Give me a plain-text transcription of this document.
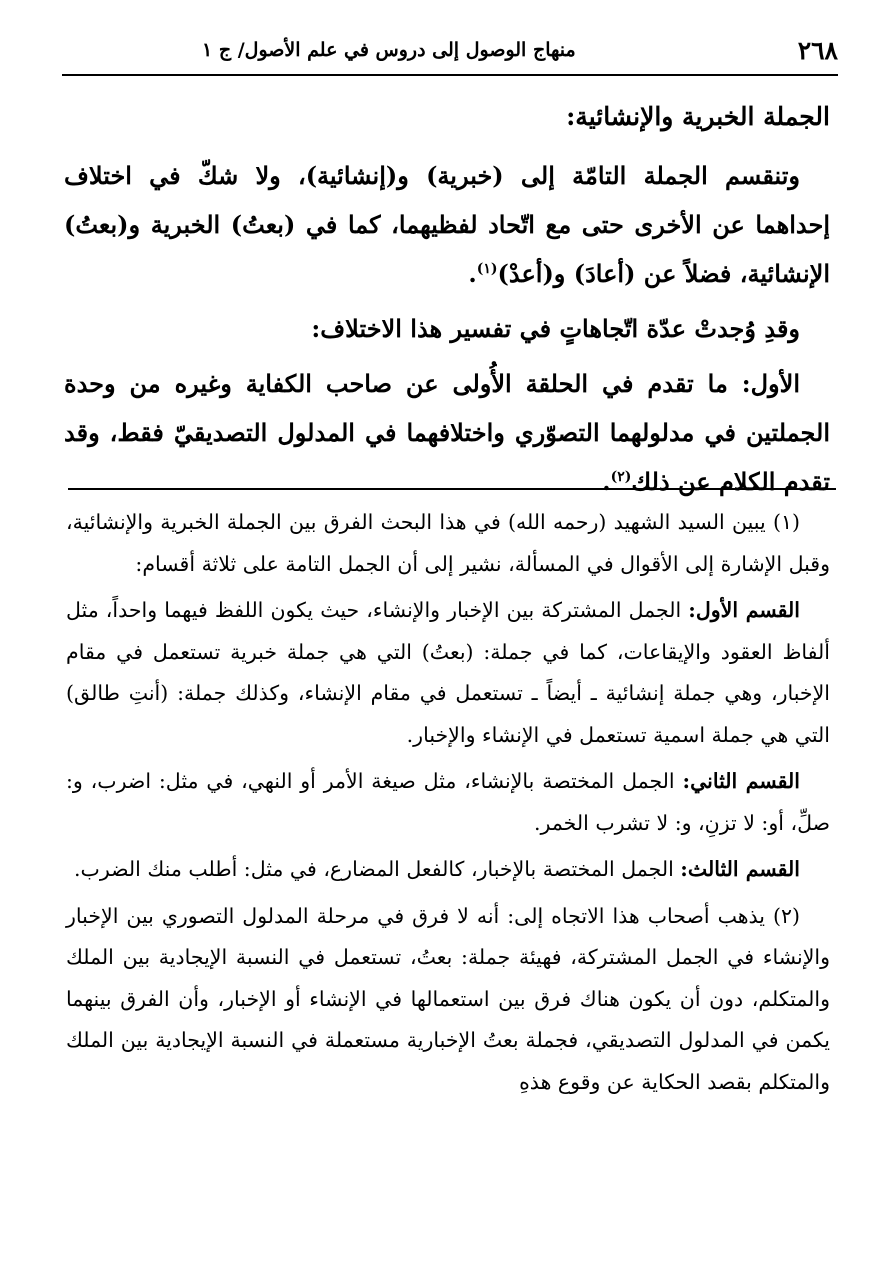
٢٦٨
منهاج الوصول إلى دروس في علم الأصول/ ج ١

الجملة الخبرية والإنشائية:

وتنقسم الجملة التامّة إلى (خبرية) و(إنشائية)، ولا شكّ في اختلاف إحداهما عن الأخرى حتى مع اتّحاد لفظيهما، كما في (بعتُ) الخبرية و(بعتُ) الإنشائية، فضلاً عن (أعادَ) و(أعدْ)$^{(١)}$.

وقدِ وُجدتْ عدّة اتّجاهاتٍ في تفسير هذا الاختلاف:

الأول: ما تقدم في الحلقة الأُولى عن صاحب الكفاية وغيره من وحدة الجملتين في مدلولهما التصوّري واختلافهما في المدلول التصديقيّ فقط، وقد تقدم الكلام عن ذلك$^{(٢)}$.

(١) يبين السيد الشهيد (رحمه الله) في هذا البحث الفرق بين الجملة الخبرية والإنشائية، وقبل الإشارة إلى الأقوال في المسألة، نشير إلى أن الجمل التامة على ثلاثة أقسام:

القسم الأول: الجمل المشتركة بين الإخبار والإنشاء، حيث يكون اللفظ فيهما واحداً، مثل ألفاظ العقود والإيقاعات، كما في جملة: (بعتُ) التي هي جملة خبرية تستعمل في مقام الإخبار، وهي جملة إنشائية ـ أيضاً ـ تستعمل في مقام الإنشاء، وكذلك جملة: (أنتِ طالق) التي هي جملة اسمية تستعمل في الإنشاء والإخبار.

القسم الثاني: الجمل المختصة بالإنشاء، مثل صيغة الأمر أو النهي، في مثل: اضرب، و: صلِّ، أو: لا تزنِ، و: لا تشرب الخمر.

القسم الثالث: الجمل المختصة بالإخبار، كالفعل المضارع، في مثل: أطلب منك الضرب.

(٢) يذهب أصحاب هذا الاتجاه إلى: أنه لا فرق في مرحلة المدلول التصوري بين الإخبار والإنشاء في الجمل المشتركة، فهيئة جملة: بعتُ، تستعمل في النسبة الإيجادية بين الملك والمتكلم، دون أن يكون هناك فرق بين استعمالها في الإنشاء أو الإخبار، وأن الفرق بينهما يكمن في المدلول التصديقي، فجملة بعتُ الإخبارية مستعملة في النسبة الإيجادية بين الملك والمتكلم بقصد الحكاية عن وقوع هذهِ
